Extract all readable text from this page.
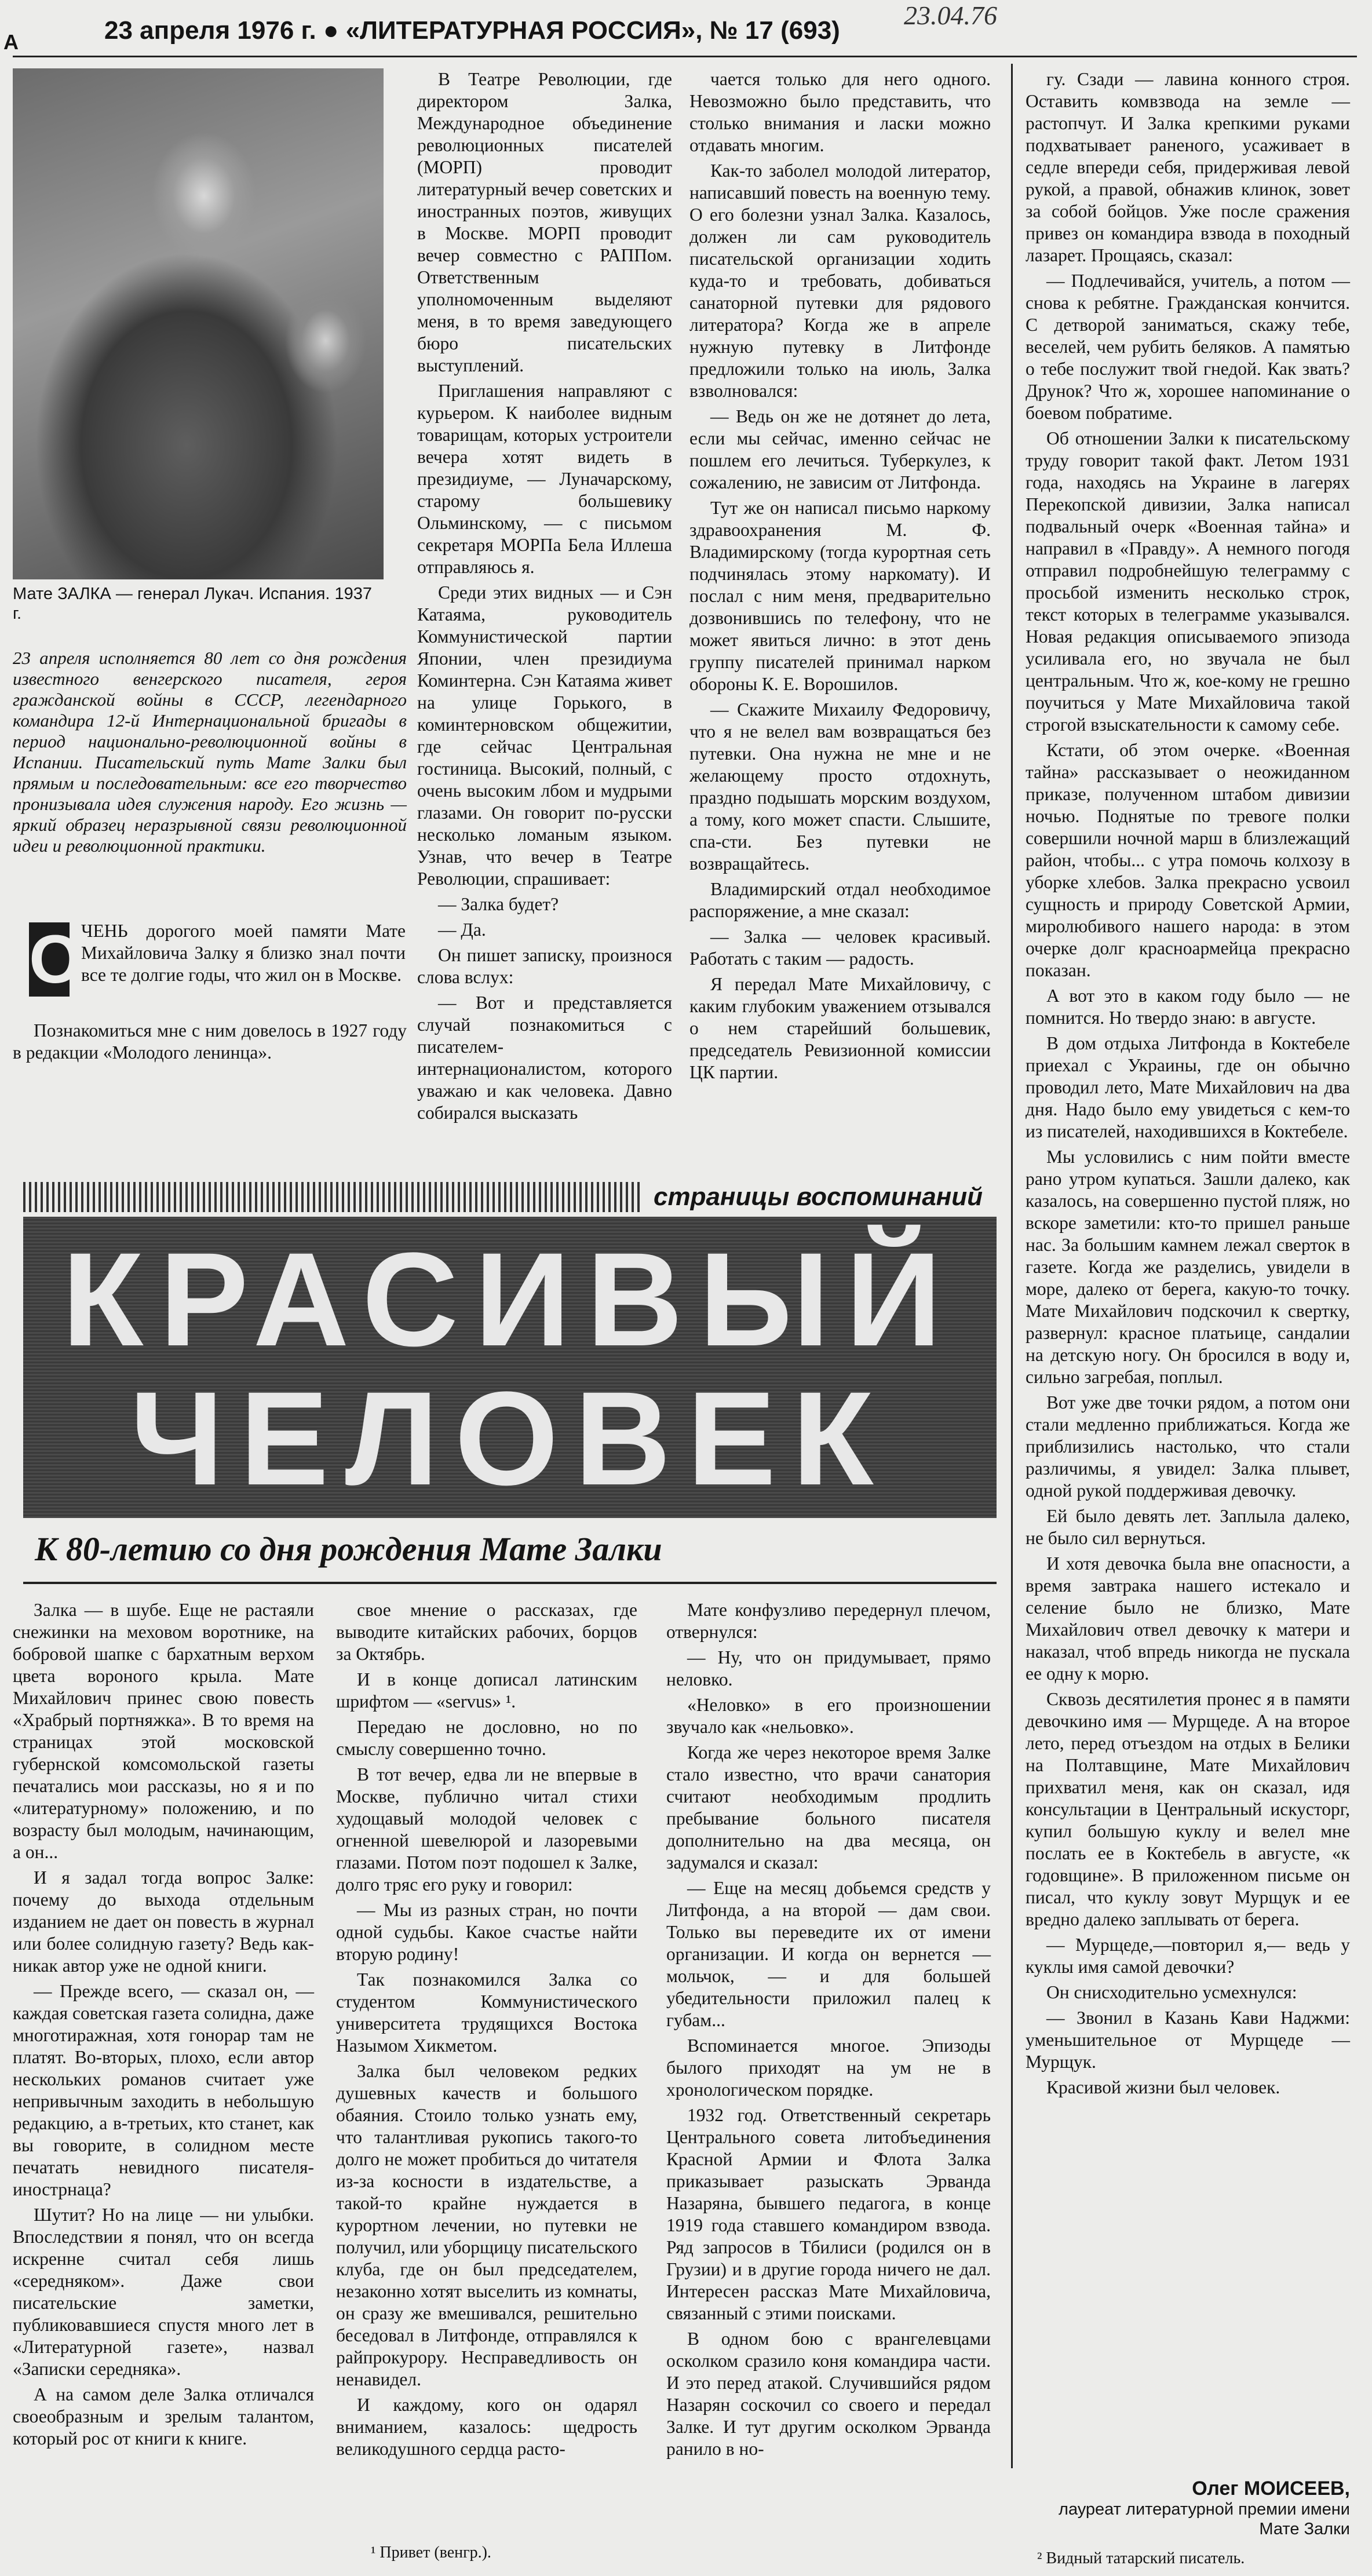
А
23.04.76
23 апреля 1976 г. ● «ЛИТЕРАТУРНАЯ РОССИЯ», № 17 (693)
Мате ЗАЛКА — генерал Лукач. Испания. 1937 г.
23 апреля исполняется 80 лет со дня рождения известного венгерского писателя, героя гражданской войны в СССР, легендарного командира 12-й Интернациональной бригады в период национально-революционной войны в Испании. Писательский путь Мате Залки был прямым и последовательным: все его творчество пронизывала идея служения народу. Его жизнь — яркий образец неразрывной связи революционной идеи и революционной практики.
О

ЧЕНЬ дорогого моей памяти Мате Михайловича Залку я близко знал почти все те долгие годы, что жил он в Москве.

Познакомиться мне с ним довелось в 1927 году в редакции «Молодого ленинца».

В Театре Революции, где директором Залка, Международное объединение революционных писателей (МОРП) проводит литературный вечер советских и иностранных поэтов, живущих в Москве. МОРП проводит вечер совместно с РАППом. Ответственным уполномоченным выделяют меня, в то время заведующего бюро писательских выступлений.

Приглашения направляют с курьером. К наиболее видным товарищам, которых устроители вечера хотят видеть в президиуме, — Луначарскому, старому большевику Ольминскому, — с письмом секретаря МОРПа Бела Иллеша отправляюсь я.

Среди этих видных — и Сэн Катаяма, руководитель Коммунистической партии Японии, член президиума Коминтерна. Сэн Катаяма живет на улице Горького, в коминтерновском общежитии, где сейчас Центральная гостиница. Высокий, полный, с очень высоким лбом и мудрыми глазами. Он говорит по-русски несколько ломаным языком. Узнав, что вечер в Театре Революции, спрашивает:

— Залка будет?

— Да.

Он пишет записку, произнося слова вслух:

— Вот и представляется случай познакомиться с писателем-интернационалистом, которого уважаю и как человека. Давно собирался высказать

чается только для него одного. Невозможно было представить, что столько внимания и ласки можно отдавать многим.

Как-то заболел молодой литератор, написавший повесть на военную тему. О его болезни узнал Залка. Казалось, должен ли сам руководитель писательской организации ходить куда-то и требовать, добиваться санаторной путевки для рядового литератора? Когда же в апреле нужную путевку в Литфонде предложили только на июль, Залка взволновался:

— Ведь он же не дотянет до лета, если мы сейчас, именно сейчас не пошлем его лечиться. Туберкулез, к сожалению, не зависим от Литфонда.

Тут же он написал письмо наркому здравоохранения М. Ф. Владимирскому (тогда курортная сеть подчинялась этому наркомату). И послал с ним меня, предварительно дозвонившись по телефону, что не может явиться лично: в этот день группу писателей принимал нарком обороны К. Е. Ворошилов.

— Скажите Михаилу Федоровичу, что я не велел вам возвращаться без путевки. Она нужна не мне и не желающему просто отдохнуть, праздно подышать морским воздухом, а тому, кого может спасти. Слышите, спа-сти. Без путевки не возвращайтесь.

Владимирский отдал необходимое распоряжение, а мне сказал:

— Залка — человек красивый. Работать с таким — радость.

Я передал Мате Михайловичу, с каким глубоким уважением отзывался о нем старейший большевик, председатель Ревизионной комиссии ЦК партии.

гу. Сзади — лавина конного строя. Оставить комвзвода на земле — растопчут. И Залка крепкими руками подхватывает раненого, усаживает в седле впереди себя, придерживая левой рукой, а правой, обнажив клинок, зовет за собой бойцов. Уже после сражения привез он командира взвода в походный лазарет. Прощаясь, сказал:

— Подлечивайся, учитель, а потом — снова к ребятне. Гражданская кончится. С детворой заниматься, скажу тебе, веселей, чем рубить беляков. А памятью о тебе послужит твой гнедой. Как звать? Друнок? Что ж, хорошее напоминание о боевом побратиме.

Об отношении Залки к писательскому труду говорит такой факт. Летом 1931 года, находясь на Украине в лагерях Перекопской дивизии, Залка написал подвальный очерк «Военная тайна» и направил в «Правду». А немного погодя отправил подробнейшую телеграмму с просьбой изменить несколько строк, текст которых в телеграмме указывался. Новая редакция описываемого эпизода усиливала его, но звучала не был центральным. Что ж, кое-кому не грешно поучиться у Мате Михайловича такой строгой взыскательности к самому себе.

Кстати, об этом очерке. «Военная тайна» рассказывает о неожиданном приказе, полученном штабом дивизии ночью. Поднятые по тревоге полки совершили ночной марш в близлежащий район, чтобы... с утра помочь колхозу в уборке хлебов. Залка прекрасно усвоил сущность и природу Советской Армии, миролюбивого нашего народа: в этом очерке долг красноармейца прекрасно показан.

А вот это в каком году было — не помнится. Но твердо знаю: в августе.

В дом отдыха Литфонда в Коктебеле приехал с Украины, где он обычно проводил лето, Мате Михайлович на два дня. Надо было ему увидеться с кем-то из писателей, находившихся в Коктебеле.

Мы условились с ним пойти вместе рано утром купаться. Зашли далеко, как казалось, на совершенно пустой пляж, но вскоре заметили: кто-то пришел раньше нас. За большим камнем лежал сверток в газете. Когда же разделись, увидели в море, далеко от берега, какую-то точку. Мате Михайлович подскочил к свертку, развернул: красное платьице, сандалии на детскую ногу. Он бросился в воду и, сильно загребая, поплыл.

Вот уже две точки рядом, а потом они стали медленно приближаться. Когда же приблизились настолько, что стали различимы, я увидел: Залка плывет, одной рукой поддерживая девочку.

Ей было девять лет. Заплыла далеко, не было сил вернуться.

И хотя девочка была вне опасности, а время завтрака нашего истекало и селение было не близко, Мате Михайлович отвел девочку к матери и наказал, чтоб впредь никогда не пускала ее одну к морю.

Сквозь десятилетия пронес я в памяти девочкино имя — Мурщеде. А на второе лето, перед отъездом на отдых в Белики на Полтавщине, Мате Михайлович прихватил меня, как он сказал, идя консультации в Центральный искусторг, купил большую куклу и велел мне послать ее в Коктебель в августе, «к годовщине». В приложенном письме он писал, что куклу зовут Мурщук и ее вредно далеко заплывать от берега.

— Мурщеде,—повторил я,— ведь у куклы имя самой девочки?

Он снисходительно усмехнулся:

— Звонил в Казань Кави Наджми: уменьшительное от Мурщеде — Мурщук.

Красивой жизни был человек.

страницы воспоминаний
КРАСИВЫЙ
ЧЕЛОВЕК
К 80-летию со дня рождения Мате Залки

Залка — в шубе. Еще не растаяли снежинки на меховом воротнике, на бобровой шапке с бархатным верхом цвета вороного крыла. Мате Михайлович принес свою повесть «Храбрый портняжка». В то время на страницах этой московской губернской комсомольской газеты печатались мои рассказы, но я и по «литературному» положению, и по возрасту был молодым, начинающим, а он...

И я задал тогда вопрос Залке: почему до выхода отдельным изданием не дает он повесть в журнал или более солидную газету? Ведь как-никак автор уже не одной книги.

— Прежде всего, — сказал он, — каждая советская газета солидна, даже многотиражная, хотя гонорар там не платят. Во-вторых, плохо, если автор нескольких романов считает уже непривычным заходить в небольшую редакцию, а в-третьих, кто станет, как вы говорите, в солидном месте печатать невидного писателя-инострнаца?

Шутит? Но на лице — ни улыбки. Впоследствии я понял, что он всегда искренне считал себя лишь «середняком». Даже свои писательские заметки, публиковавшиеся спустя много лет в «Литературной газете», назвал «Записки середняка».

А на самом деле Залка отличался своеобразным и зрелым талантом, который рос от книги к книге.

свое мнение о рассказах, где выводите китайских рабочих, борцов за Октябрь.

И в конце дописал латинским шрифтом — «servus» ¹.

Передаю не дословно, но по смыслу совершенно точно.

В тот вечер, едва ли не впервые в Москве, публично читал стихи худощавый молодой человек с огненной шевелюрой и лазоревыми глазами. Потом поэт подошел к Залке, долго тряс его руку и говорил:

— Мы из разных стран, но почти одной судьбы. Какое счастье найти вторую родину!

Так познакомился Залка со студентом Коммунистического университета трудящихся Востока Назымом Хикметом.

Залка был человеком редких душевных качеств и большого обаяния. Стоило только узнать ему, что талантливая рукопись такого-то долго не может пробиться до читателя из-за косности в издательстве, а такой-то крайне нуждается в курортном лечении, но путевки не получил, или уборщицу писательского клуба, где он был председателем, незаконно хотят выселить из комнаты, он сразу же вмешивался, решительно беседовал в Литфонде, отправлялся к райпрокурору. Несправедливость он ненавидел.

И каждому, кого он одарял вниманием, казалось: щедрость великодушного сердца расто-

¹ Привет (венгр.).

Мате конфузливо передернул плечом, отвернулся:

— Ну, что он придумывает, прямо неловко.

«Неловко» в его произношении звучало как «нельовко».

Когда же через некоторое время Залке стало известно, что врачи санатория считают необходимым продлить пребывание больного писателя дополнительно на два месяца, он задумался и сказал:

— Еще на месяц добьемся средств у Литфонда, а на второй — дам свои. Только вы переведите их от имени организации. И когда он вернется — мольчок, — и для большей убедительности приложил палец к губам...

Вспоминается многое. Эпизоды былого приходят на ум не в хронологическом порядке.

1932 год. Ответственный секретарь Центрального совета литобъединения Красной Армии и Флота Залка приказывает разыскать Эрванда Назаряна, бывшего педагога, в конце 1919 года ставшего командиром взвода. Ряд запросов в Тбилиси (родился он в Грузии) и в другие города ничего не дал. Интересен рассказ Мате Михайловича, связанный с этими поисками.

В одном бою с врангелевцами осколком сразило коня командира части. И это перед атакой. Случившийся рядом Назарян соскочил со своего и передал Залке. И тут другим осколком Эрванда ранило в но-

Олег МОИСЕЕВ,
лауреат литературной премии имени Мате Залки
² Видный татарский писатель.
